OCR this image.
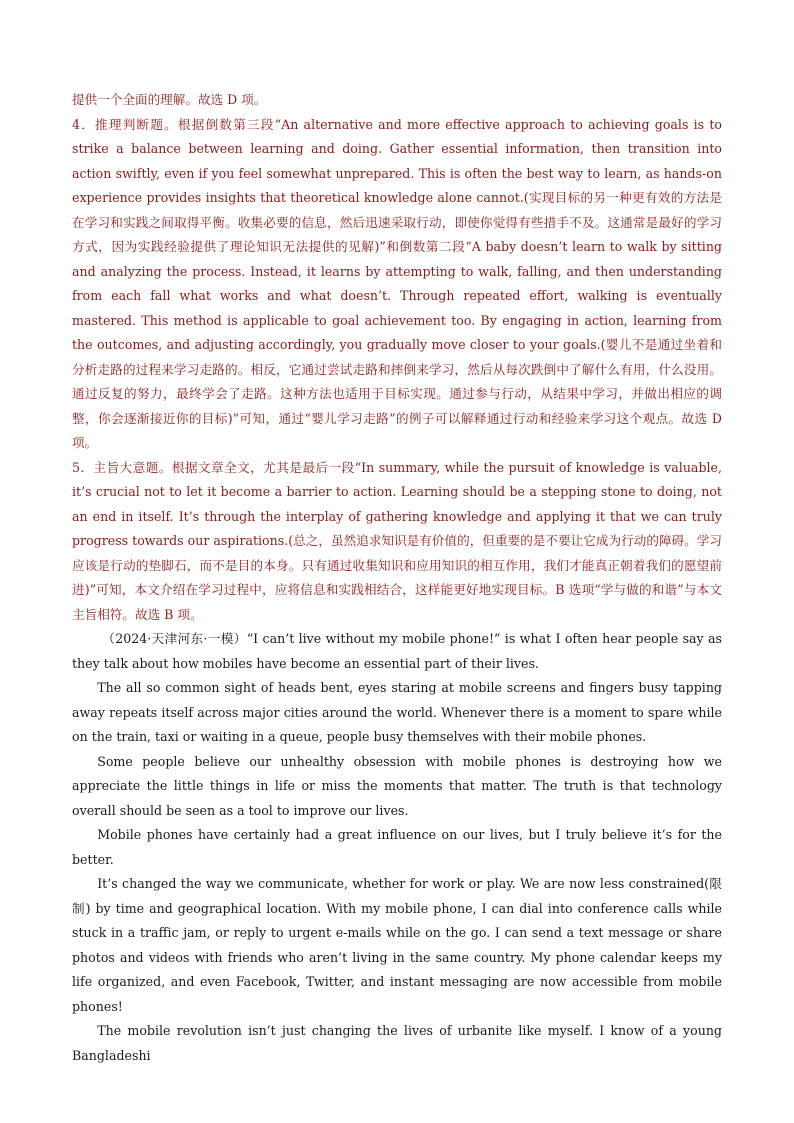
提供一个全面的理解。故选 D 项。

4．推理判断题。根据倒数第三段“An alternative and more effective approach to achieving goals is to strike a balance between learning and doing. Gather essential information, then transition into action swiftly, even if you feel somewhat unprepared. This is often the best way to learn, as hands-on experience provides insights that theoretical knowledge alone cannot.(实现目标的另一种更有效的方法是在学习和实践之间取得平衡。收集必要的信息，然后迅速采取行动，即使你觉得有些措手不及。这通常是最好的学习方式，因为实践经验提供了理论知识无法提供的见解)”和倒数第二段“A baby doesn’t learn to walk by sitting and analyzing the process. Instead, it learns by attempting to walk, falling, and then understanding from each fall what works and what doesn’t. Through repeated effort, walking is eventually mastered. This method is applicable to goal achievement too. By engaging in action, learning from the outcomes, and adjusting accordingly, you gradually move closer to your goals.(婴儿不是通过坐着和分析走路的过程来学习走路的。相反，它通过尝试走路和摔倒来学习，然后从每次跌倒中了解什么有用，什么没用。通过反复的努力，最终学会了走路。这种方法也适用于目标实现。通过参与行动，从结果中学习，并做出相应的调整，你会逐渐接近你的目标)”可知，通过“婴儿学习走路”的例子可以解释通过行动和经验来学习这个观点。故选 D 项。

5．主旨大意题。根据文章全文，尤其是最后一段“In summary, while the pursuit of knowledge is valuable, it’s crucial not to let it become a barrier to action. Learning should be a stepping stone to doing, not an end in itself. It’s through the interplay of gathering knowledge and applying it that we can truly progress towards our aspirations.(总之，虽然追求知识是有价值的，但重要的是不要让它成为行动的障碍。学习应该是行动的垫脚石，而不是目的本身。只有通过收集知识和应用知识的相互作用，我们才能真正朝着我们的愿望前进)”可知，本文介绍在学习过程中，应将信息和实践相结合，这样能更好地实现目标。B 选项“学与做的和谐”与本文主旨相符。故选 B 项。

（2024·天津河东·一模）“I can’t live without my mobile phone!” is what I often hear people say as they talk about how mobiles have become an essential part of their lives.

The all so common sight of heads bent, eyes staring at mobile screens and fingers busy tapping away repeats itself across major cities around the world. Whenever there is a moment to spare while on the train, taxi or waiting in a queue, people busy themselves with their mobile phones.

Some people believe our unhealthy obsession with mobile phones is destroying how we appreciate the little things in life or miss the moments that matter. The truth is that technology overall should be seen as a tool to improve our lives.

Mobile phones have certainly had a great influence on our lives, but I truly believe it’s for the better.

It’s changed the way we communicate, whether for work or play. We are now less constrained(限制) by time and geographical location. With my mobile phone, I can dial into conference calls while stuck in a traffic jam, or reply to urgent e-mails while on the go. I can send a text message or share photos and videos with friends who aren’t living in the same country. My phone calendar keeps my life organized, and even Facebook, Twitter, and instant messaging are now accessible from mobile phones!

The mobile revolution isn’t just changing the lives of urbanite like myself. I know of a young Bangladeshi
